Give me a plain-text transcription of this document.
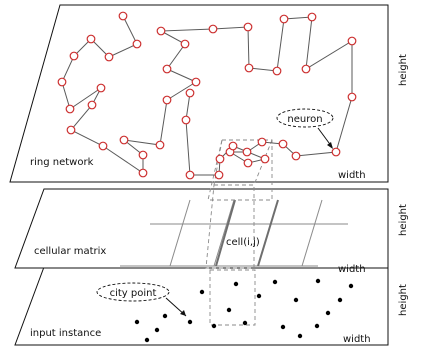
city point
input instance
width
height
cell(i,j)
cellular matrix
width
height
neuron
ring network
width
height
